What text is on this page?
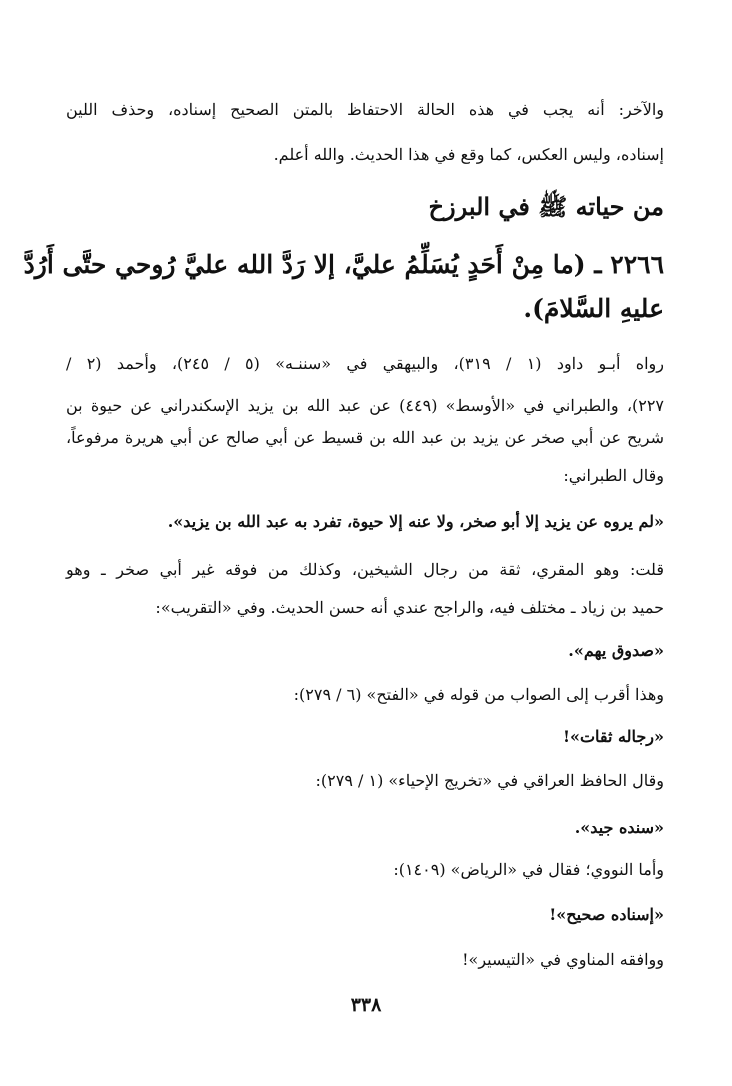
والآخر: أنه يجب في هذه الحالة الاحتفاظ بالمتن الصحيح إسناده، وحذف اللين
إسناده، وليس العكس، كما وقع في هذا الحديث. والله أعلم.
من حياته ﷺ في البرزخ
٢٢٦٦ ـ (ما مِنْ أَحَدٍ يُسَلِّمُ عليَّ، إلا رَدَّ الله عليَّ رُوحي حتَّى أَرُدَّ
عليهِ السَّلامَ).
رواه أبـو داود (١ / ٣١٩)، والبيهقي في «سننـه» (٥ / ٢٤٥)، وأحمد (٢ /
٢٢٧)، والطبراني في «الأوسط» (٤٤٩) عن عبد الله بن يزيد الإسكندراني عن حيوة بن
شريح عن أبي صخر عن يزيد بن عبد الله بن قسيط عن أبي صالح عن أبي هريرة مرفوعاً،
وقال الطبراني:
«لم يروه عن يزيد إلا أبو صخر، ولا عنه إلا حيوة، تفرد به عبد الله بن يزيد».
قلت: وهو المقري، ثقة من رجال الشيخين، وكذلك من فوقه غير أبي صخر ـ وهو
حميد بن زياد ـ مختلف فيه، والراجح عندي أنه حسن الحديث. وفي «التقريب»:
«صدوق يهم».
وهذا أقرب إلى الصواب من قوله في «الفتح» (٦ / ٢٧٩):
«رجاله ثقات»!
وقال الحافظ العراقي في «تخريج الإحياء» (١ / ٢٧٩):
«سنده جيد».
وأما النووي؛ فقال في «الرياض» (١٤٠٩):
«إسناده صحيح»!
ووافقه المناوي في «التيسير»!
٣٣٨
